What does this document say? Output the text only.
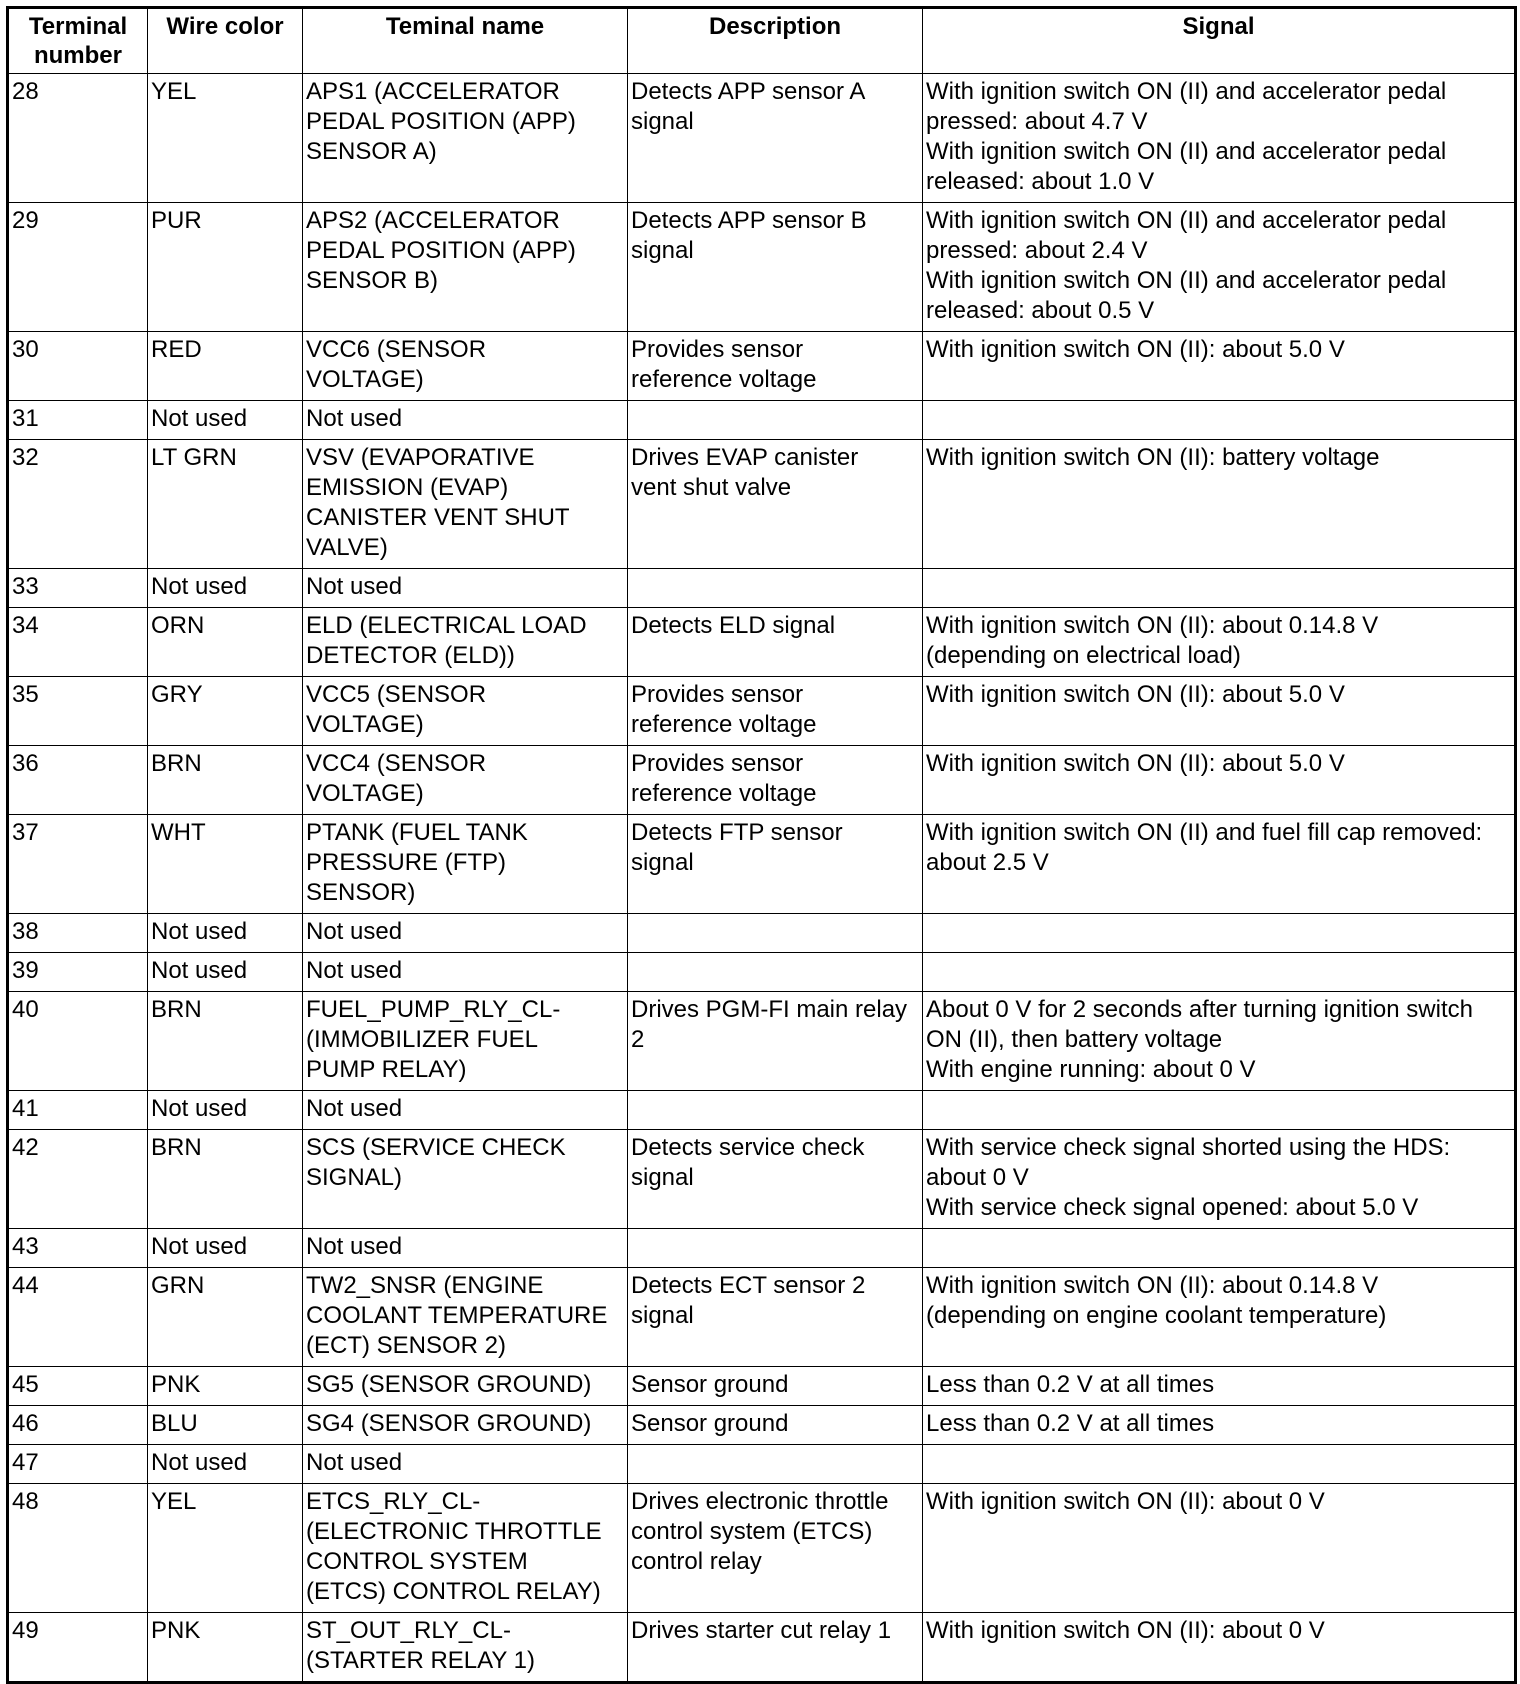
Terminal
number	Wire color	Teminal name	Description	Signal
28	YEL	APS1 (ACCELERATOR
PEDAL POSITION (APP)
SENSOR A)	Detects APP sensor A
signal	With ignition switch ON (II) and accelerator pedal
pressed: about 4.7 V
With ignition switch ON (II) and accelerator pedal
released: about 1.0 V
29	PUR	APS2 (ACCELERATOR
PEDAL POSITION (APP)
SENSOR B)	Detects APP sensor B
signal	With ignition switch ON (II) and accelerator pedal
pressed: about 2.4 V
With ignition switch ON (II) and accelerator pedal
released: about 0.5 V
30	RED	VCC6 (SENSOR
VOLTAGE)	Provides sensor
reference voltage	With ignition switch ON (II): about 5.0 V
31	Not used	Not used		
32	LT GRN	VSV (EVAPORATIVE
EMISSION (EVAP)
CANISTER VENT SHUT
VALVE)	Drives EVAP canister
vent shut valve	With ignition switch ON (II): battery voltage
33	Not used	Not used		
34	ORN	ELD (ELECTRICAL LOAD
DETECTOR (ELD))	Detects ELD signal	With ignition switch ON (II): about 0.14.8 V
(depending on electrical load)
35	GRY	VCC5 (SENSOR
VOLTAGE)	Provides sensor
reference voltage	With ignition switch ON (II): about 5.0 V
36	BRN	VCC4 (SENSOR
VOLTAGE)	Provides sensor
reference voltage	With ignition switch ON (II): about 5.0 V
37	WHT	PTANK (FUEL TANK
PRESSURE (FTP)
SENSOR)	Detects FTP sensor
signal	With ignition switch ON (II) and fuel fill cap removed:
about 2.5 V
38	Not used	Not used		
39	Not used	Not used		
40	BRN	FUEL_PUMP_RLY_CL-
(IMMOBILIZER FUEL
PUMP RELAY)	Drives PGM-FI main relay
2	About 0 V for 2 seconds after turning ignition switch
ON (II), then battery voltage
With engine running: about 0 V
41	Not used	Not used		
42	BRN	SCS (SERVICE CHECK
SIGNAL)	Detects service check
signal	With service check signal shorted using the HDS:
about 0 V
With service check signal opened: about 5.0 V
43	Not used	Not used		
44	GRN	TW2_SNSR (ENGINE
COOLANT TEMPERATURE
(ECT) SENSOR 2)	Detects ECT sensor 2
signal	With ignition switch ON (II): about 0.14.8 V
(depending on engine coolant temperature)
45	PNK	SG5 (SENSOR GROUND)	Sensor ground	Less than 0.2 V at all times
46	BLU	SG4 (SENSOR GROUND)	Sensor ground	Less than 0.2 V at all times
47	Not used	Not used		
48	YEL	ETCS_RLY_CL-
(ELECTRONIC THROTTLE
CONTROL SYSTEM
(ETCS) CONTROL RELAY)	Drives electronic throttle
control system (ETCS)
control relay	With ignition switch ON (II): about 0 V
49	PNK	ST_OUT_RLY_CL-
(STARTER RELAY 1)	Drives starter cut relay 1	With ignition switch ON (II): about 0 V
